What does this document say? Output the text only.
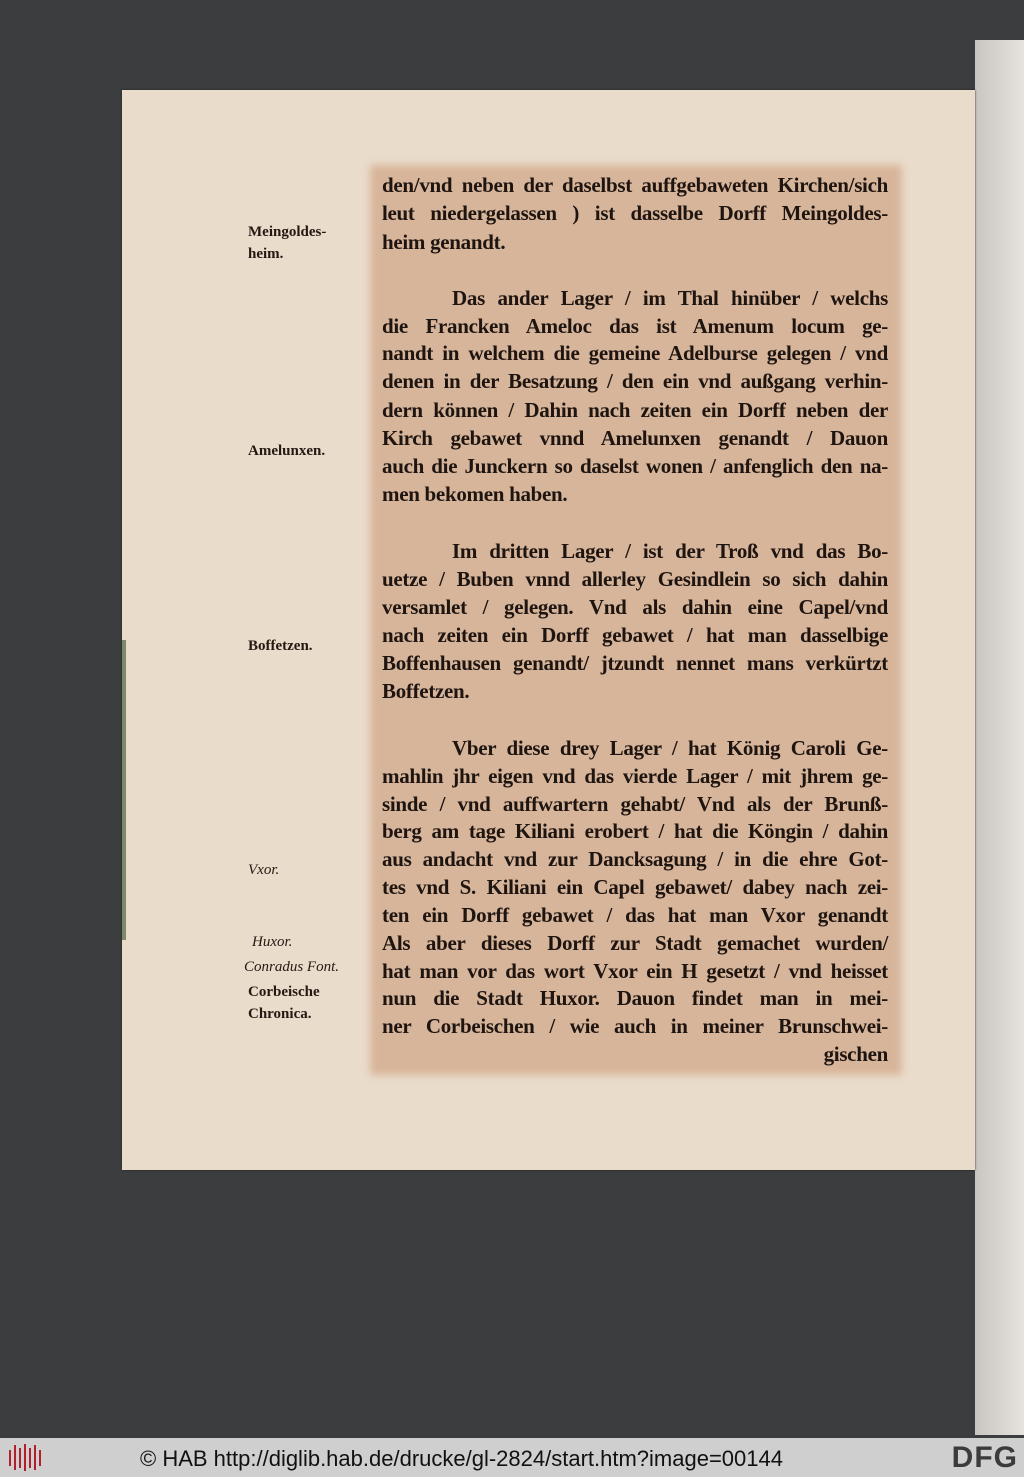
Meingoldes-
heim.
Amelunxen.
Boffetzen.
Vxor.
Huxor.
Conradus Font.
Corbeische
Chronica.
den/vnd neben der daselbst auffgebaweten Kirchen/sich
leut niedergelassen ) ist dasselbe Dorff Meingoldes-
heim genandt.
Das ander Lager / im Thal hinüber / welchs
die Francken Ameloc das ist Amenum locum ge-
nandt in welchem die gemeine Adelburse gelegen / vnd
denen in der Besatzung / den ein vnd außgang verhin-
dern können / Dahin nach zeiten ein Dorff neben der
Kirch gebawet vnnd Amelunxen genandt / Dauon
auch die Junckern so daselst wonen / anfenglich den na-
men bekomen haben.
Im dritten Lager / ist der Troß vnd das Bo-
uetze / Buben vnnd allerley Gesindlein so sich dahin
versamlet / gelegen. Vnd als dahin eine Capel/vnd
nach zeiten ein Dorff gebawet / hat man dasselbige
Boffenhausen genandt/ jtzundt nennet mans verkürtzt
Boffetzen.
Vber diese drey Lager / hat König Caroli Ge-
mahlin jhr eigen vnd das vierde Lager / mit jhrem ge-
sinde / vnd auffwartern gehabt/ Vnd als der Brunß-
berg am tage Kiliani erobert / hat die Köngin / dahin
aus andacht vnd zur Dancksagung / in die ehre Got-
tes vnd S. Kiliani ein Capel gebawet/ dabey nach zei-
ten ein Dorff gebawet / das hat man Vxor genandt
Als aber dieses Dorff zur Stadt gemachet wurden/
hat man vor das wort Vxor ein H gesetzt / vnd heisset
nun die Stadt Huxor. Dauon findet man in mei-
ner Corbeischen / wie auch in meiner Brunschwei-
gischen
© HAB http://diglib.hab.de/drucke/gl-2824/start.htm?image=00144	DFG
